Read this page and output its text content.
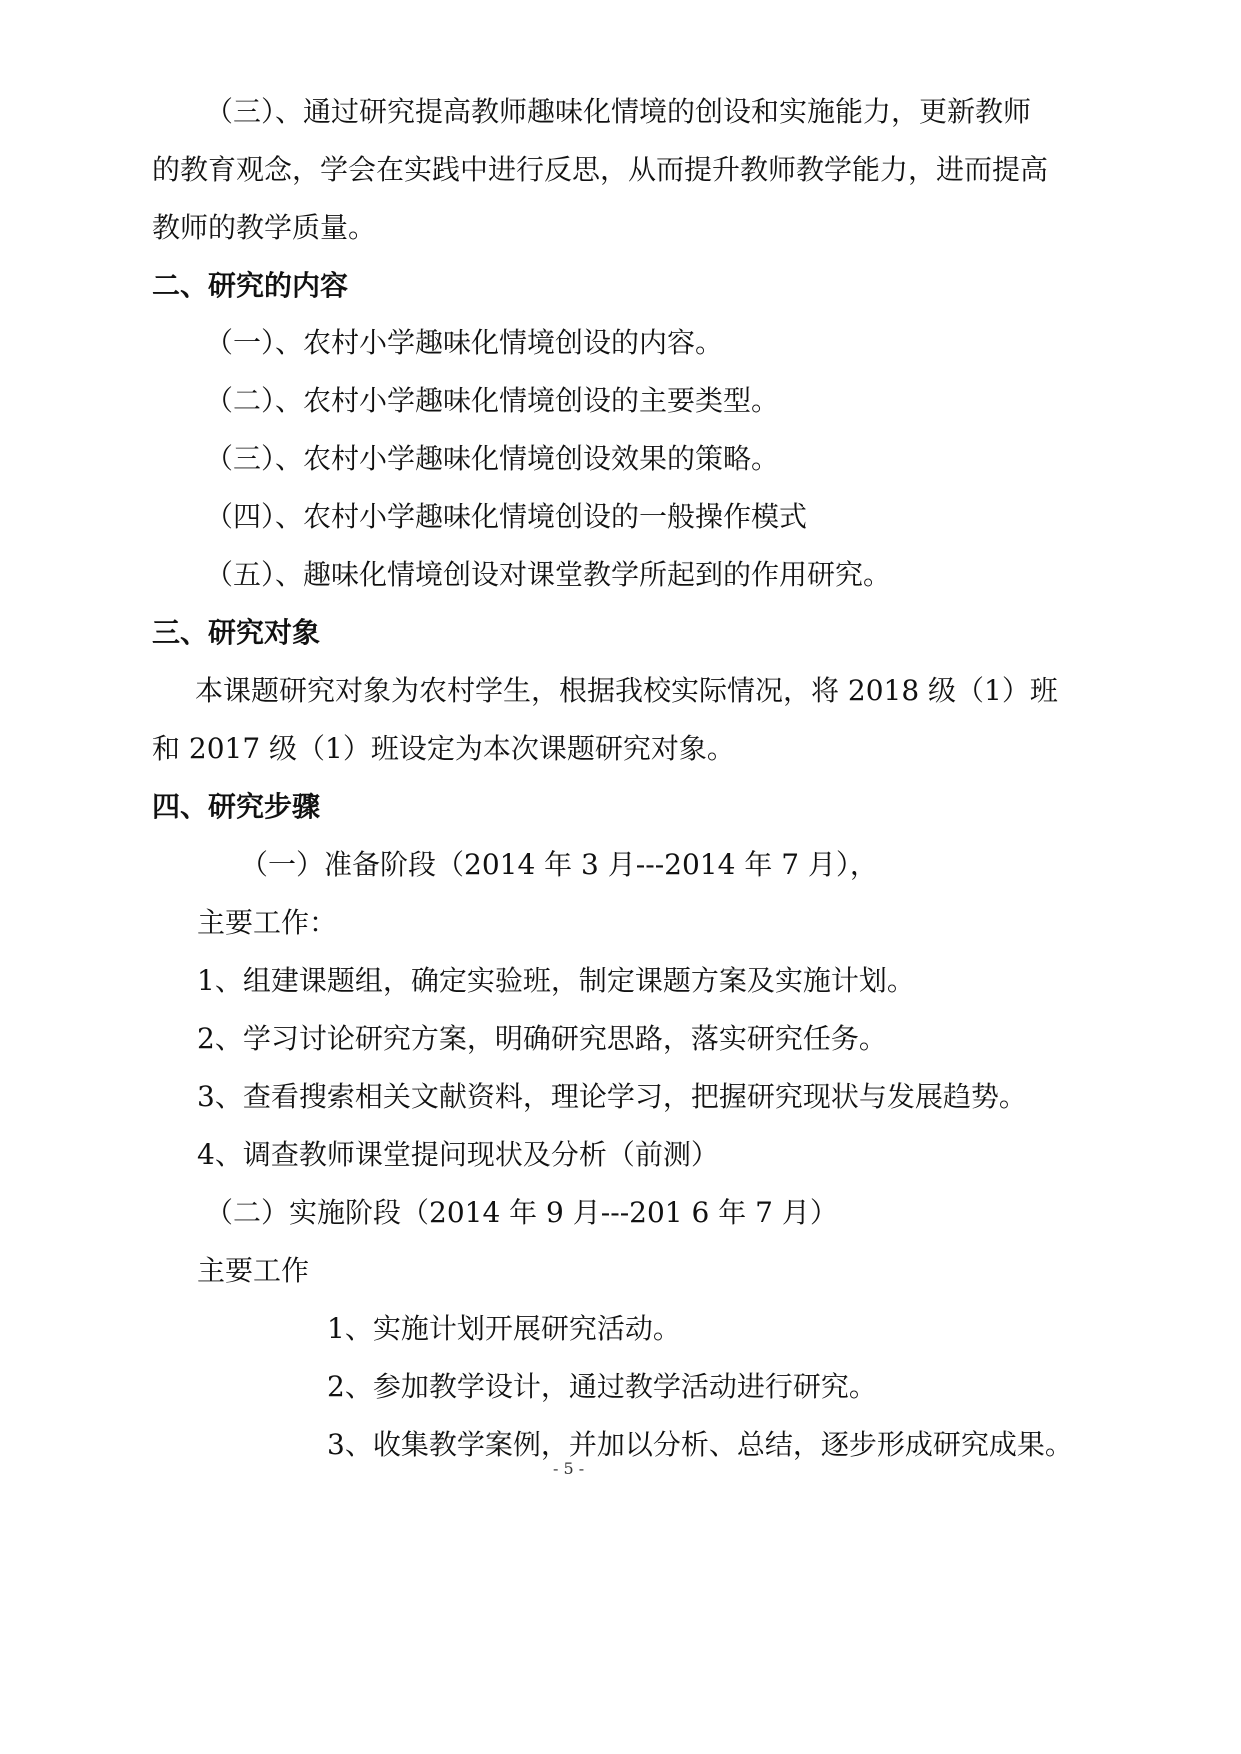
（三）、通过研究提高教师趣味化情境的创设和实施能力，更新教师
的教育观念，学会在实践中进行反思，从而提升教师教学能力，进而提高
教师的教学质量。
二、研究的内容
（一）、农村小学趣味化情境创设的内容。
（二）、农村小学趣味化情境创设的主要类型。
（三）、农村小学趣味化情境创设效果的策略。
（四）、农村小学趣味化情境创设的一般操作模式
（五）、趣味化情境创设对课堂教学所起到的作用研究。
三、研究对象
本课题研究对象为农村学生，根据我校实际情况，将 2018 级（1）班
和 2017 级（1）班设定为本次课题研究对象。
四、研究步骤
（一）准备阶段（2014 年 3 月---2014 年 7 月），
主要工作：
1、组建课题组，确定实验班，制定课题方案及实施计划。
2、学习讨论研究方案，明确研究思路，落实研究任务。
3、查看搜索相关文献资料，理论学习，把握研究现状与发展趋势。
4、调查教师课堂提问现状及分析（前测）
（二）实施阶段（2014 年 9 月---201 6 年 7 月）
主要工作
1、实施计划开展研究活动。
2、参加教学设计，通过教学活动进行研究。
3、收集教学案例，并加以分析、总结，逐步形成研究成果。
- 5 -
